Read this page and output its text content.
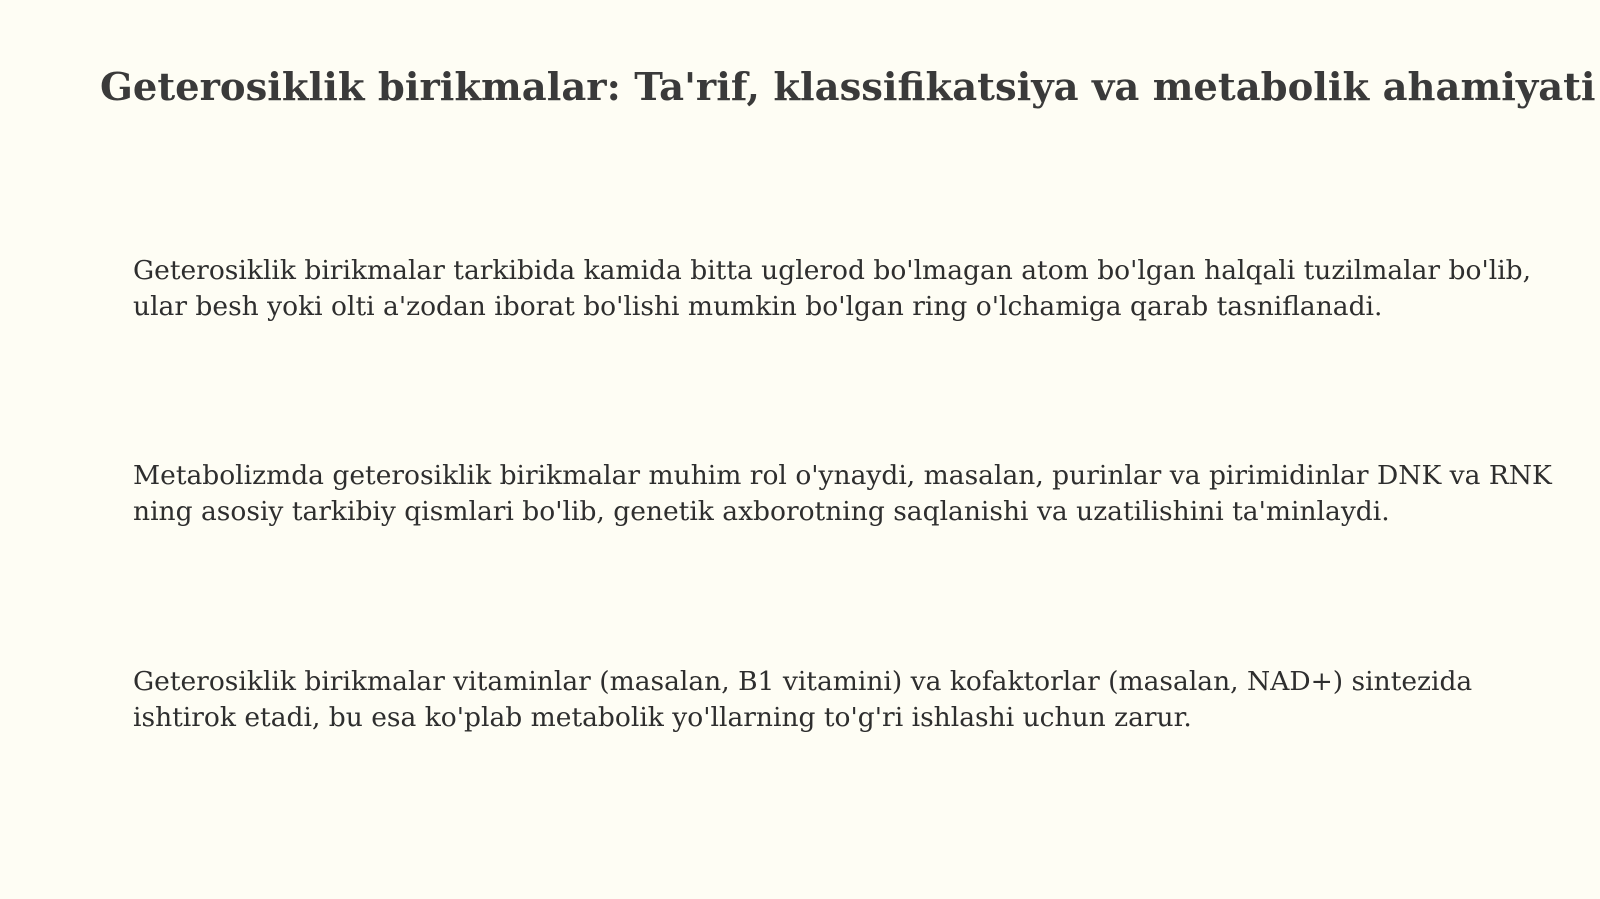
Geterosiklik birikmalar: Ta'rif, klassifikatsiya va metabolik ahamiyati

Geterosiklik birikmalar tarkibida kamida bitta uglerod bo'lmagan atom bo'lgan halqali tuzilmalar bo'lib, ular besh yoki olti a'zodan iborat bo'lishi mumkin bo'lgan ring o'lchamiga qarab tasniflanadi.

Metabolizmda geterosiklik birikmalar muhim rol o'ynaydi, masalan, purinlar va pirimidinlar DNK va RNK ning asosiy tarkibiy qismlari bo'lib, genetik axborotning saqlanishi va uzatilishini ta'minlaydi.

Geterosiklik birikmalar vitaminlar (masalan, B1 vitamini) va kofaktorlar (masalan, NAD+) sintezida ishtirok etadi, bu esa ko'plab metabolik yo'llarning to'g'ri ishlashi uchun zarur.
